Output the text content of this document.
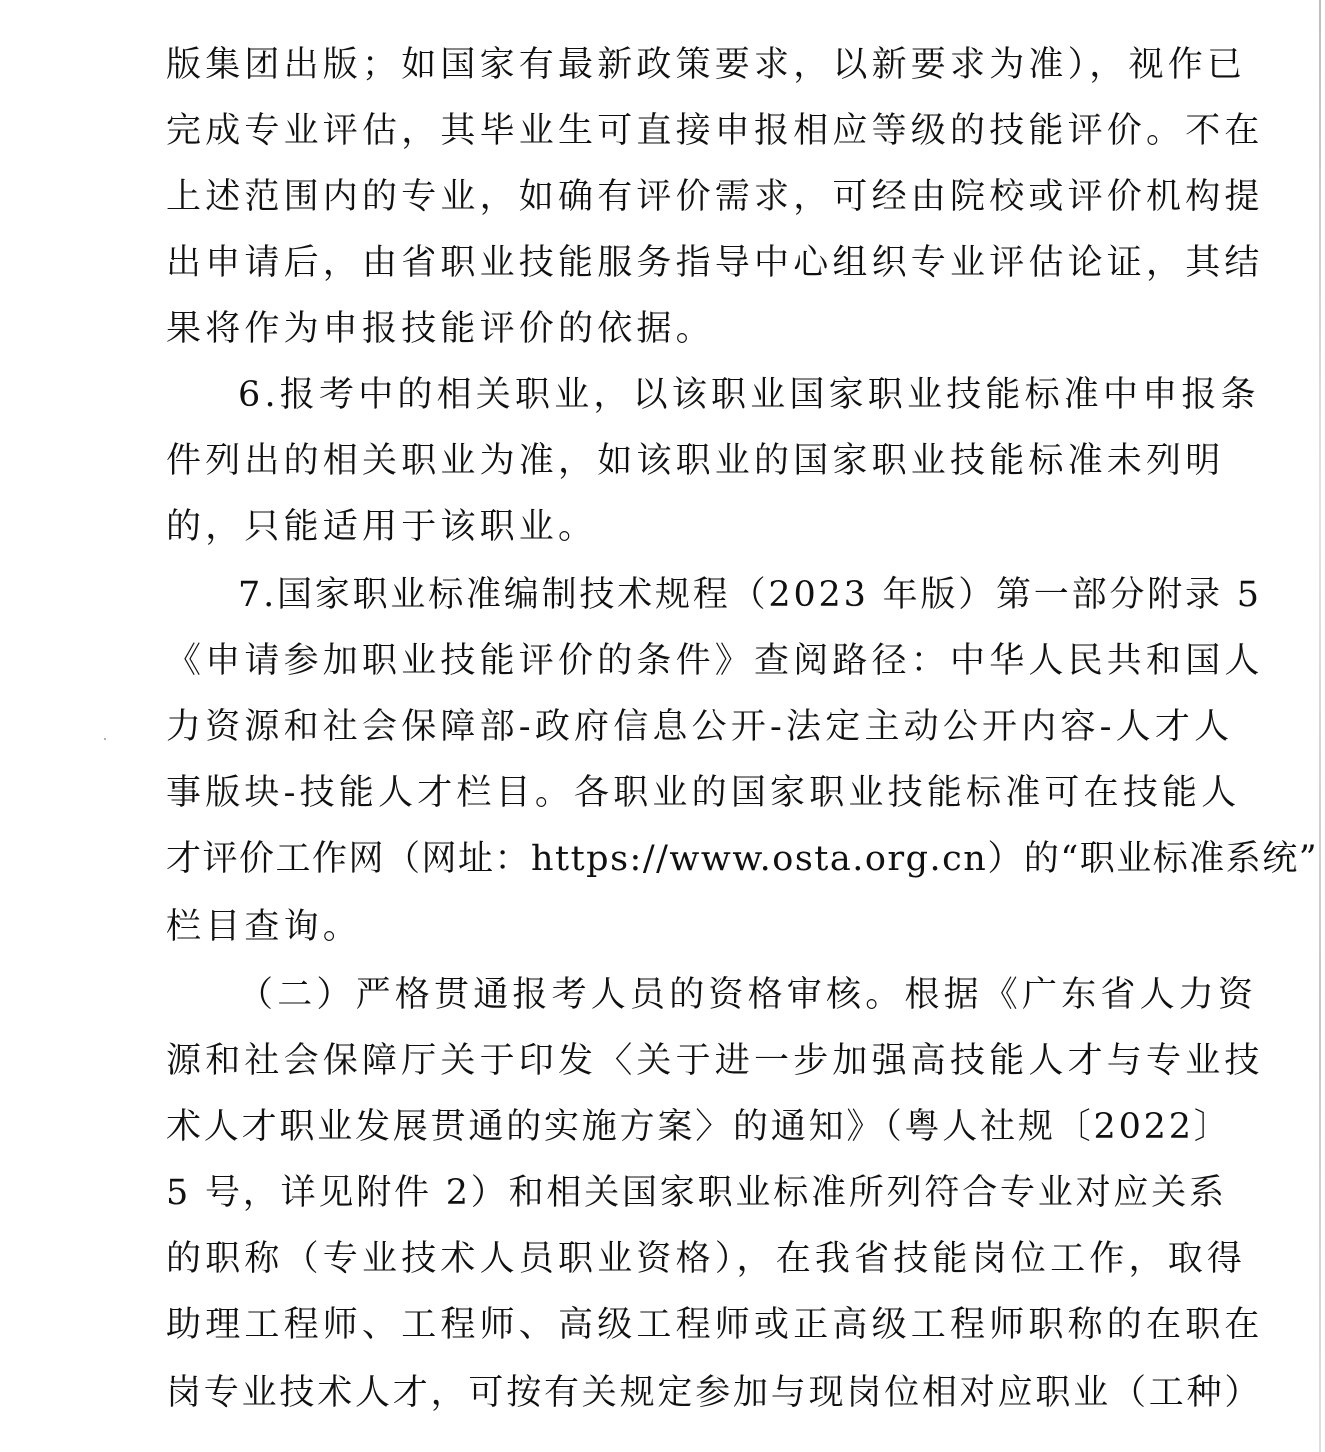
版集团出版；如国家有最新政策要求，以新要求为准），视作已
完成专业评估，其毕业生可直接申报相应等级的技能评价。不在
上述范围内的专业，如确有评价需求，可经由院校或评价机构提
出申请后，由省职业技能服务指导中心组织专业评估论证，其结
果将作为申报技能评价的依据。
6.报考中的相关职业，以该职业国家职业技能标准中申报条
件列出的相关职业为准，如该职业的国家职业技能标准未列明
的，只能适用于该职业。
7.国家职业标准编制技术规程（2023 年版）第一部分附录 5
《申请参加职业技能评价的条件》查阅路径：中华人民共和国人
力资源和社会保障部-政府信息公开-法定主动公开内容-人才人
事版块-技能人才栏目。各职业的国家职业技能标准可在技能人
才评价工作网（网址：https://www.osta.org.cn）的“职业标准系统”
栏目查询。
（二）严格贯通报考人员的资格审核。根据《广东省人力资
源和社会保障厅关于印发〈关于进一步加强高技能人才与专业技
术人才职业发展贯通的实施方案〉的通知》（粤人社规〔2022〕
5 号，详见附件 2）和相关国家职业标准所列符合专业对应关系
的职称（专业技术人员职业资格），在我省技能岗位工作，取得
助理工程师、工程师、高级工程师或正高级工程师职称的在职在
岗专业技术人才，可按有关规定参加与现岗位相对应职业（工种）
